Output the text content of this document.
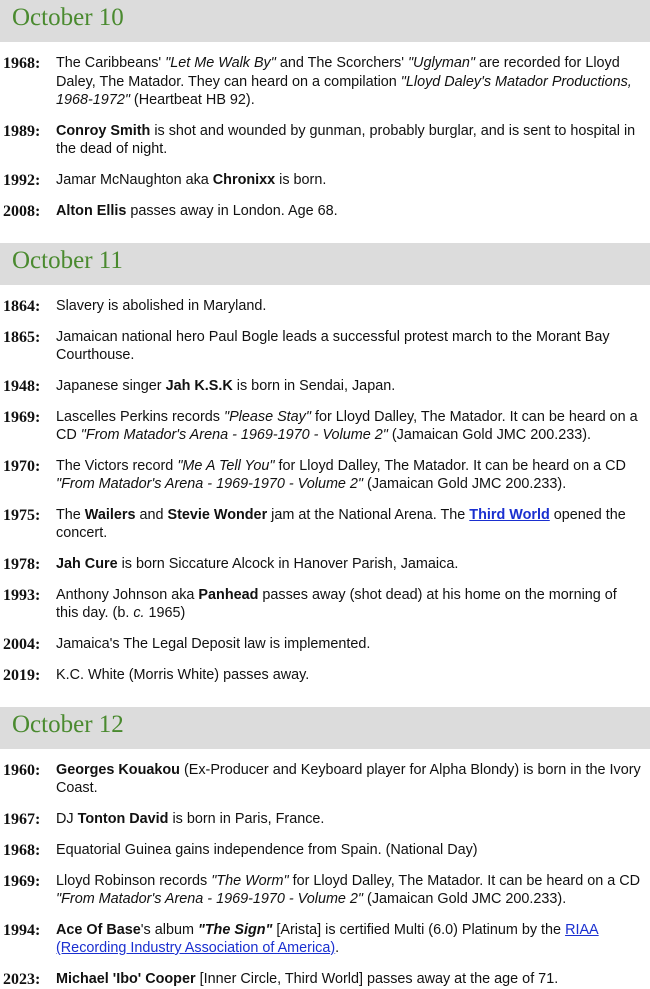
October 10
1968:	The Caribbeans' "Let Me Walk By" and The Scorchers' "Uglyman" are recorded for Lloyd Daley, The Matador. They can heard on a compilation "Lloyd Daley's Matador Productions, 1968-1972" (Heartbeat HB 92).
1989:	Conroy Smith is shot and wounded by gunman, probably burglar, and is sent to hospital in the dead of night.
1992:	Jamar McNaughton aka Chronixx is born.
2008:	Alton Ellis passes away in London. Age 68.
October 11
1864:	Slavery is abolished in Maryland.
1865:	Jamaican national hero Paul Bogle leads a successful protest march to the Morant Bay Courthouse.
1948:	Japanese singer Jah K.S.K is born in Sendai, Japan.
1969:	Lascelles Perkins records "Please Stay" for Lloyd Dalley, The Matador. It can be heard on a CD "From Matador's Arena - 1969-1970 - Volume 2" (Jamaican Gold JMC 200.233).
1970:	The Victors record "Me A Tell You" for Lloyd Dalley, The Matador. It can be heard on a CD "From Matador's Arena - 1969-1970 - Volume 2" (Jamaican Gold JMC 200.233).
1975:	The Wailers and Stevie Wonder jam at the National Arena. The Third World opened the concert.
1978:	Jah Cure is born Siccature Alcock in Hanover Parish, Jamaica.
1993:	Anthony Johnson aka Panhead passes away (shot dead) at his home on the morning of this day. (b. c. 1965)
2004:	Jamaica's The Legal Deposit law is implemented.
2019:	K.C. White (Morris White) passes away.
October 12
1960:	Georges Kouakou (Ex-Producer and Keyboard player for Alpha Blondy) is born in the Ivory Coast.
1967:	DJ Tonton David is born in Paris, France.
1968:	Equatorial Guinea gains independence from Spain. (National Day)
1969:	Lloyd Robinson records "The Worm" for Lloyd Dalley, The Matador. It can be heard on a CD "From Matador's Arena - 1969-1970 - Volume 2" (Jamaican Gold JMC 200.233).
1994:	Ace Of Base's album "The Sign" [Arista] is certified Multi (6.0) Platinum by the RIAA (Recording Industry Association of America).
2023:	Michael 'Ibo' Cooper [Inner Circle, Third World] passes away at the age of 71.
